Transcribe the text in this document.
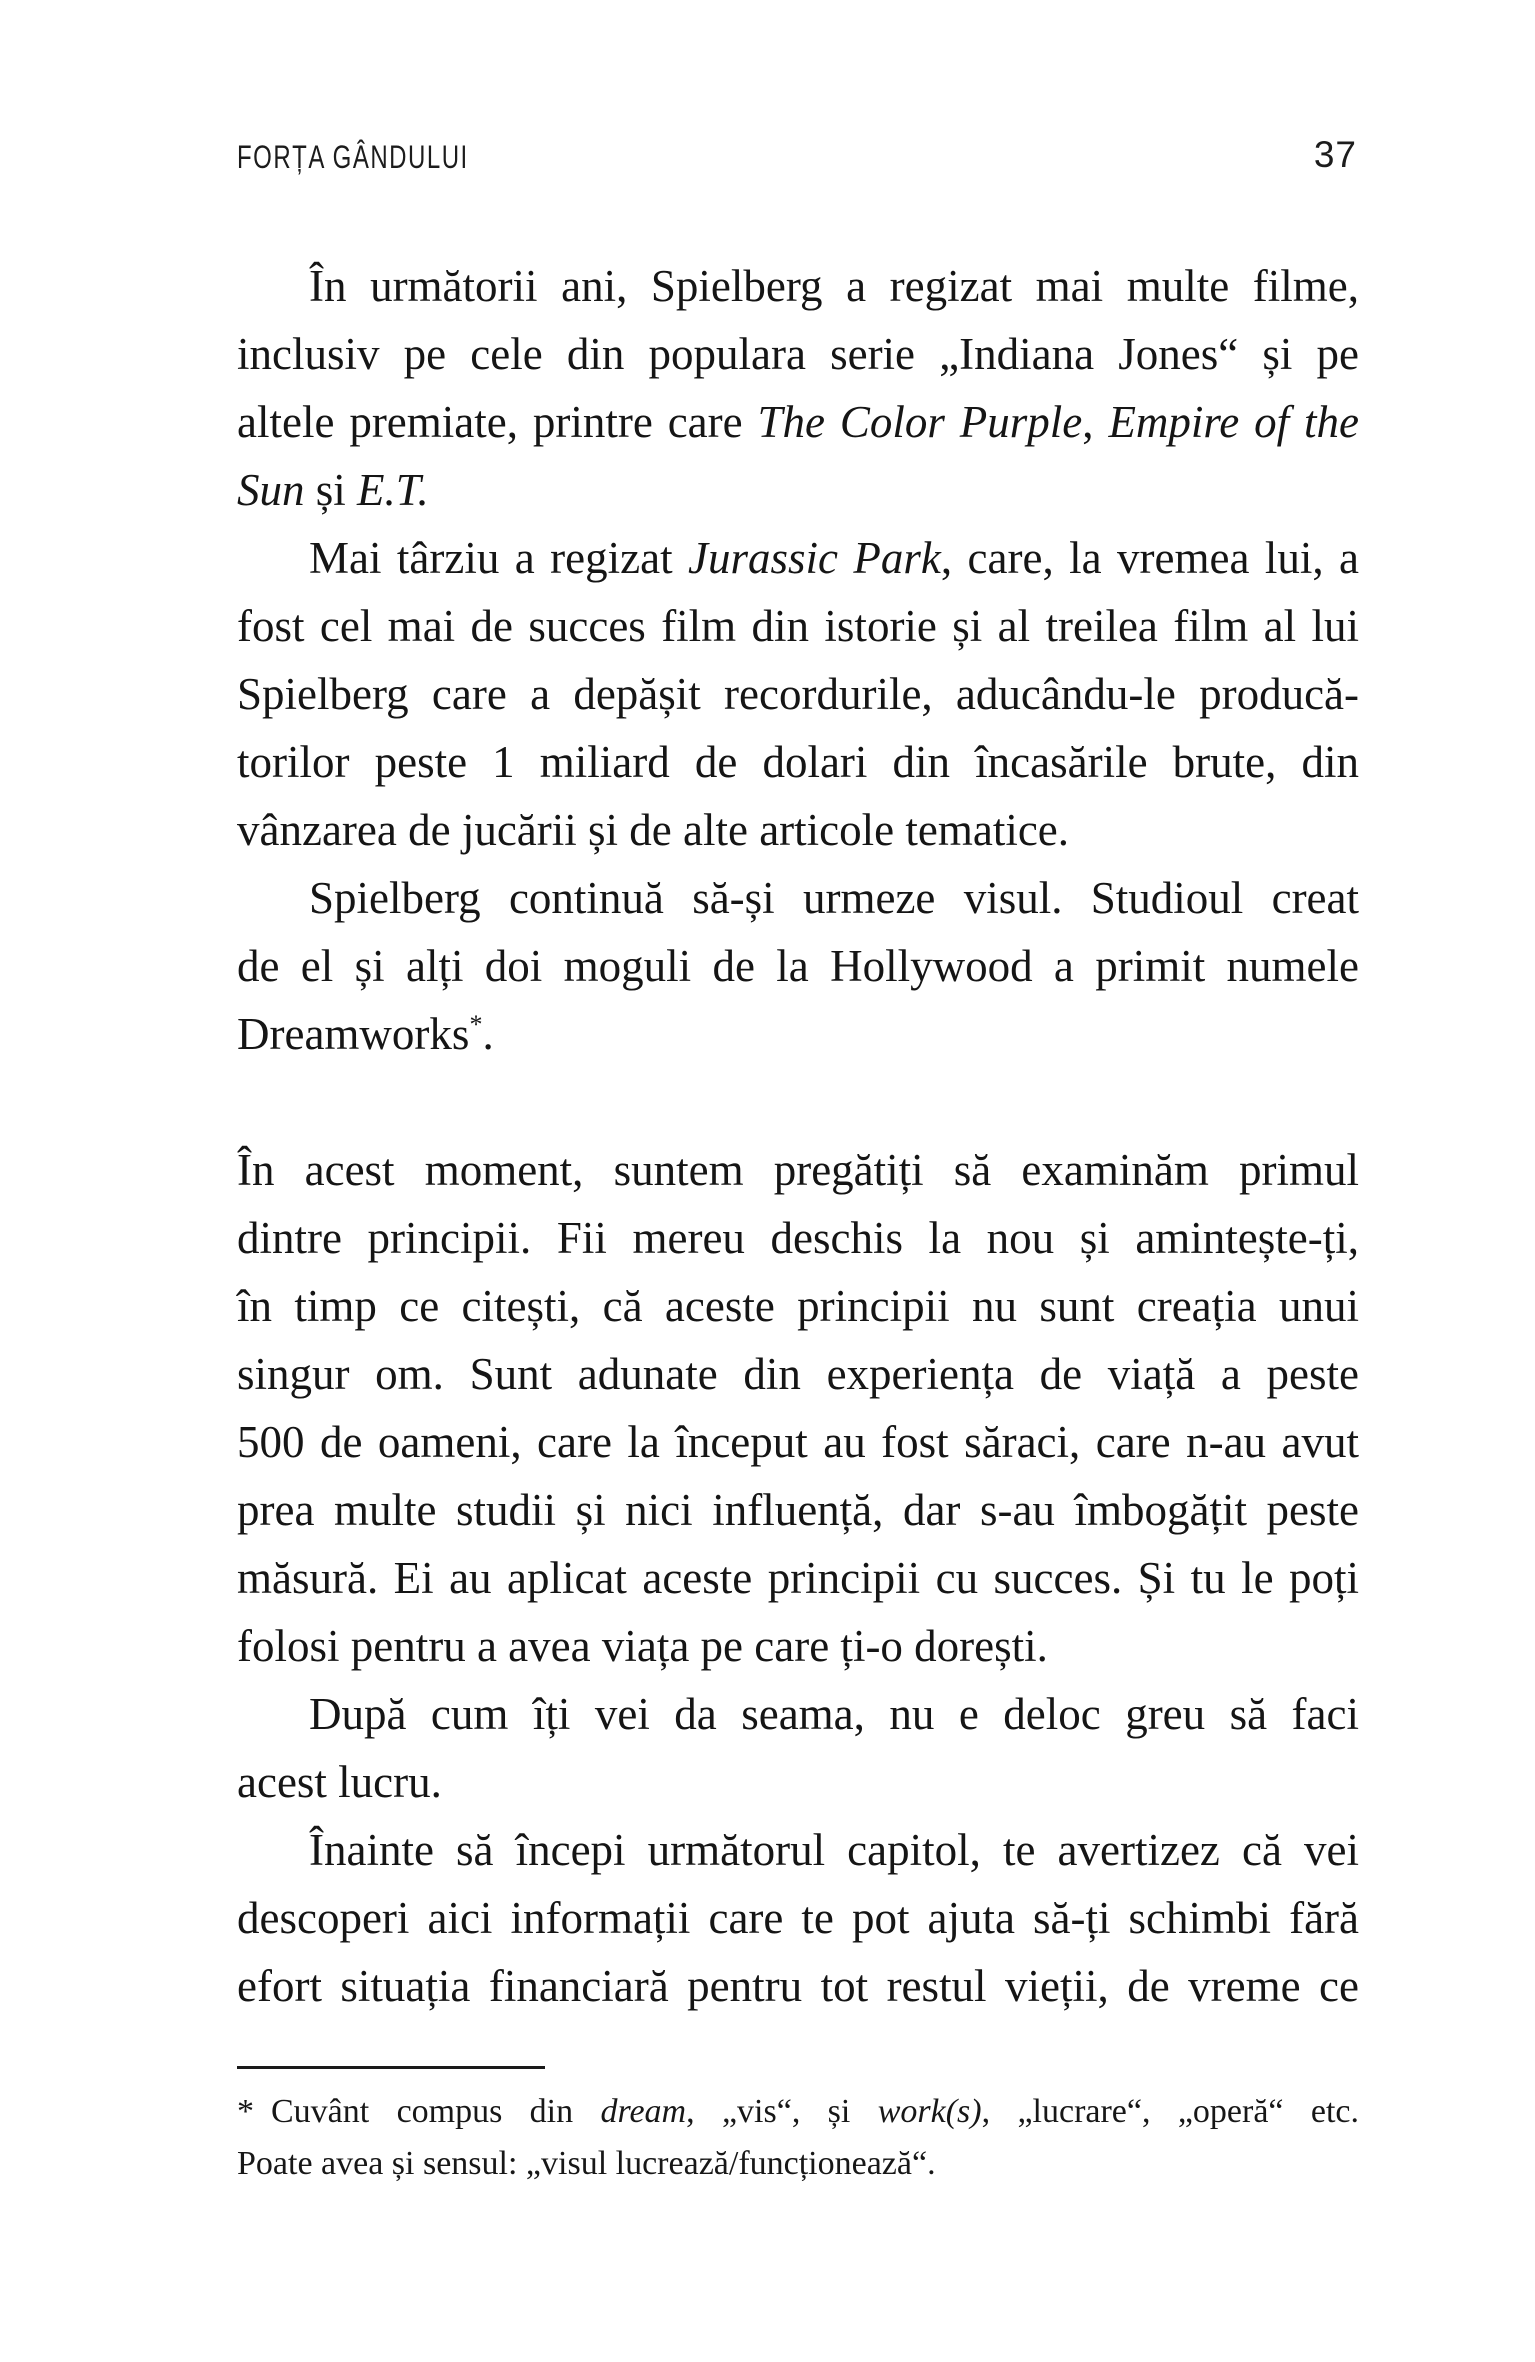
FORȚA GÂNDULUI	37
În următorii ani, Spielberg a regizat mai multe filme,
inclusiv pe cele din populara serie „Indiana Jones“ și pe
altele premiate, printre care The Color Purple, Empire of the
Sun și E.T.
Mai târziu a regizat Jurassic Park, care, la vremea lui, a
fost cel mai de succes film din istorie și al treilea film al lui
Spielberg care a depășit recordurile, aducându-le producă-
torilor peste 1 miliard de dolari din încasările brute, din
vânzarea de jucării și de alte articole tematice.
Spielberg continuă să-și urmeze visul. Studioul creat
de el și alți doi moguli de la Hollywood a primit numele
Dreamworks*.
În acest moment, suntem pregătiți să examinăm primul
dintre principii. Fii mereu deschis la nou și amintește-ți,
în timp ce citești, că aceste principii nu sunt creația unui
singur om. Sunt adunate din experiența de viață a peste
500 de oameni, care la început au fost săraci, care n-au avut
prea multe studii și nici influență, dar s-au îmbogățit peste
măsură. Ei au aplicat aceste principii cu succes. Și tu le poți
folosi pentru a avea viața pe care ți-o dorești.
După cum îți vei da seama, nu e deloc greu să faci
acest lucru.
Înainte să începi următorul capitol, te avertizez că vei
descoperi aici informații care te pot ajuta să-ți schimbi fără
efort situația financiară pentru tot restul vieții, de vreme ce
* Cuvânt compus din dream, „vis“, și work(s), „lucrare“, „operă“ etc.
Poate avea și sensul: „visul lucrează/funcționează“.
